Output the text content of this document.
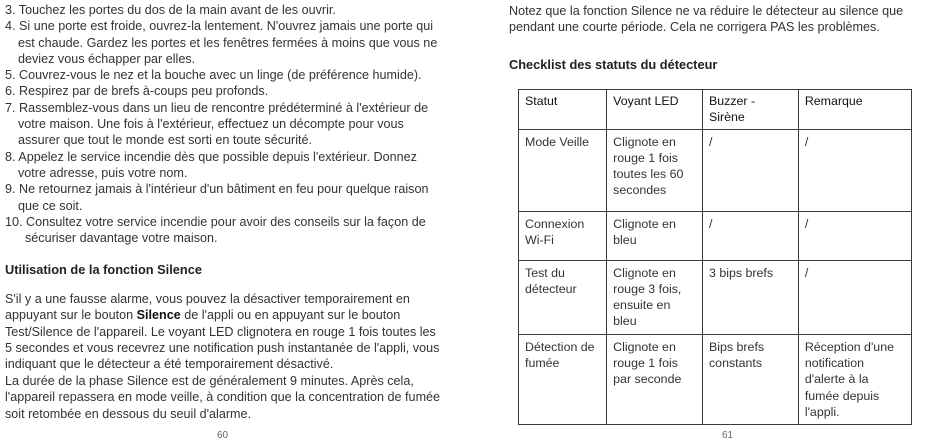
3. Touchez les portes du dos de la main avant de les ouvrir.
4. Si une porte est froide, ouvrez-la lentement. N'ouvrez jamais une porte qui est chaude. Gardez les portes et les fenêtres fermées à moins que vous ne deviez vous échapper par elles.
5. Couvrez-vous le nez et la bouche avec un linge (de préférence humide).
6. Respirez par de brefs à-coups peu profonds.
7. Rassemblez-vous dans un lieu de rencontre prédéterminé à l'extérieur de votre maison. Une fois à l'extérieur, effectuez un décompte pour vous assurer que tout le monde est sorti en toute sécurité.
8. Appelez le service incendie dès que possible depuis l'extérieur. Donnez votre adresse, puis votre nom.
9. Ne retournez jamais à l'intérieur d'un bâtiment en feu pour quelque raison que ce soit.
10. Consultez votre service incendie pour avoir des conseils sur la façon de sécuriser davantage votre maison.
Utilisation de la fonction Silence

S'il y a une fausse alarme, vous pouvez la désactiver temporairement en appuyant sur le bouton Silence de l'appli ou en appuyant sur le bouton Test/Silence de l'appareil. Le voyant LED clignotera en rouge 1 fois toutes les 5 secondes et vous recevrez une notification push instantanée de l'appli, vous indiquant que le détecteur a été temporairement désactivé.

La durée de la phase Silence est de généralement 9 minutes. Après cela, l'appareil repassera en mode veille, à condition que la concentration de fumée soit retombée en dessous du seuil d'alarme.

60

Notez que la fonction Silence ne va réduire le détecteur au silence que pendant une courte période. Cela ne corrigera PAS les problèmes.

Checklist des statuts du détecteur
Statut	Voyant LED	Buzzer - Sirène	Remarque
Mode Veille	Clignote en rouge 1 fois toutes les 60 secondes	/	/
Connexion Wi-Fi	Clignote en bleu	/	/
Test du détecteur	Clignote en rouge 3 fois, ensuite en bleu	3 bips brefs	/
Détection de fumée	Clignote en rouge 1 fois par seconde	Bips brefs constants	Réception d'une notification d'alerte à la fumée depuis l'appli.
61
